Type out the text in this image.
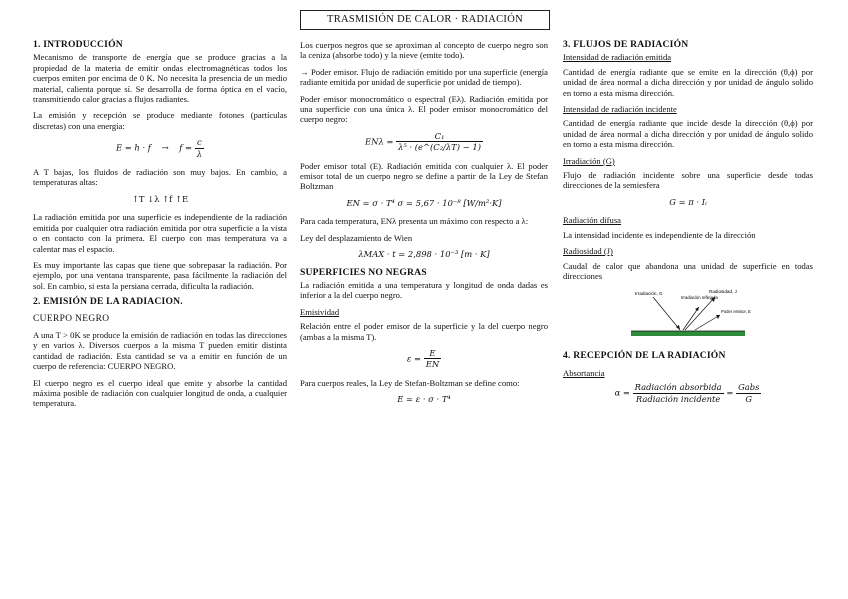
TRASMISIÓN DE CALOR · RADIACIÓN
1. INTRODUCCIÓN

Mecanismo de transporte de energía que se produce gracias a la propiedad de la materia de emitir ondas electromagnéticas todos los cuerpos emiten por encima de 0 K. No necesita la presencia de un medio material, calienta porque sí. Se desarrolla de forma óptica en el vacío, transmitiendo calor gracias a flujos radiantes.

La emisión y recepción se produce mediante fotones (partículas discretas) con una energía:

$E = h \cdot f \to f = \frac{c}{\lambda}$

A T bajas, los fluidos de radiación son muy bajos. En cambio, a temperaturas altas:

↑T ↓λ ↑f ↑E

La radiación emitida por una superficie es independiente de la radiación emitida por cualquier otra radiación emitida por otra superficie a la vista o en contacto con la primera. El cuerpo con mas temperatura va a calentar mas el espacio.

Es muy importante las capas que tiene que sobrepasar la radiación. Por ejemplo, por una ventana transparente, pasa fácilmente la radiación del sol. En cambio, si esta la persiana cerrada, dificulta la radiación.

2. EMISIÓN DE LA RADIACION.
CUERPO NEGRO

A una T > 0K se produce la emisión de radiación en todas las direcciones y en varios λ. Diversos cuerpos a la misma T pueden emitir distinta cantidad de radiación. Esta cantidad se va a emitir en función de un cuerpo de referencia: CUERPO NEGRO.

El cuerpo negro es el cuerpo ideal que emite y absorbe la cantidad máxima posible de radiación con cualquier longitud de onda, a cualquier temperatura.

Los cuerpos negros que se aproximan al concepto de cuerpo negro son la ceniza (absorbe todo) y la nieve (emite todo).

→ Poder emisor. Flujo de radiación emitido por una superficie (energía radiante emitida por unidad de superficie por unidad de tiempo).

Poder emisor monocromático o espectral (Eλ). Radiación emitida por una superficie con una única λ. El poder emisor monocromático del cuerpo negro:

$EN\lambda = \frac{\text{C₁}}{\text{λ⁵ · (e\textasciicircum{}(C₂/λT) − 1)}}$

Poder emisor total (E). Radiación emitida con cualquier λ. El poder emisor total de un cuerpo negro se define a partir de la Ley de Stefan Boltzman

EN = σ · T⁴ σ = 5,67 · 10⁻⁸ [W/m²·K]

Para cada temperatura, ENλ presenta un máximo con respecto a λ:

Ley del desplazamiento de Wien

λMAX · t = 2,898 · 10⁻³ [m · K]
SUPERFICIES NO NEGRAS

La radiación emitida a una temperatura y longitud de onda dadas es inferior a la del cuerpo negro.

Emisividad

Relación entre el poder emisor de la superficie y la del cuerpo negro (ambas a la misma T).

$\varepsilon = \frac{E}{EN}$

Para cuerpos reales, la Ley de Stefan-Boltzman se define como:

E = ε · σ · T⁴
3. FLUJOS DE RADIACIÓN
Intensidad de radiación emitida

Cantidad de energía radiante que se emite en la dirección (θ,ϕ) por unidad de área normal a dicha dirección y por unidad de ángulo solido en torno a esta misma dirección.

Intensidad de radiación incidente

Cantidad de energía radiante que incide desde la dirección (θ,ϕ) por unidad de área normal a dicha dirección y por unidad de ángulo solido en torno a esta misma dirección.

Irradiación (G)

Flujo de radiación incidente sobre una superficie desde todas direcciones de la semiesfera

G = π · Iᵢ
Radiación difusa

La intensidad incidente es independiente de la dirección

Radiosidad (J)

Caudal de calor que abandona una unidad de superficie en todas direcciones

Irradiación, G
Irradiación reflejada
Radiosidad, J
Poder emisor, E
4. RECEPCIÓN DE LA RADIACIÓN
Absortancia
$\alpha = \frac{\text{Radiación absorbida}}{\text{Radiación incidente}} = \frac{\text{Gabs}}{G}$
